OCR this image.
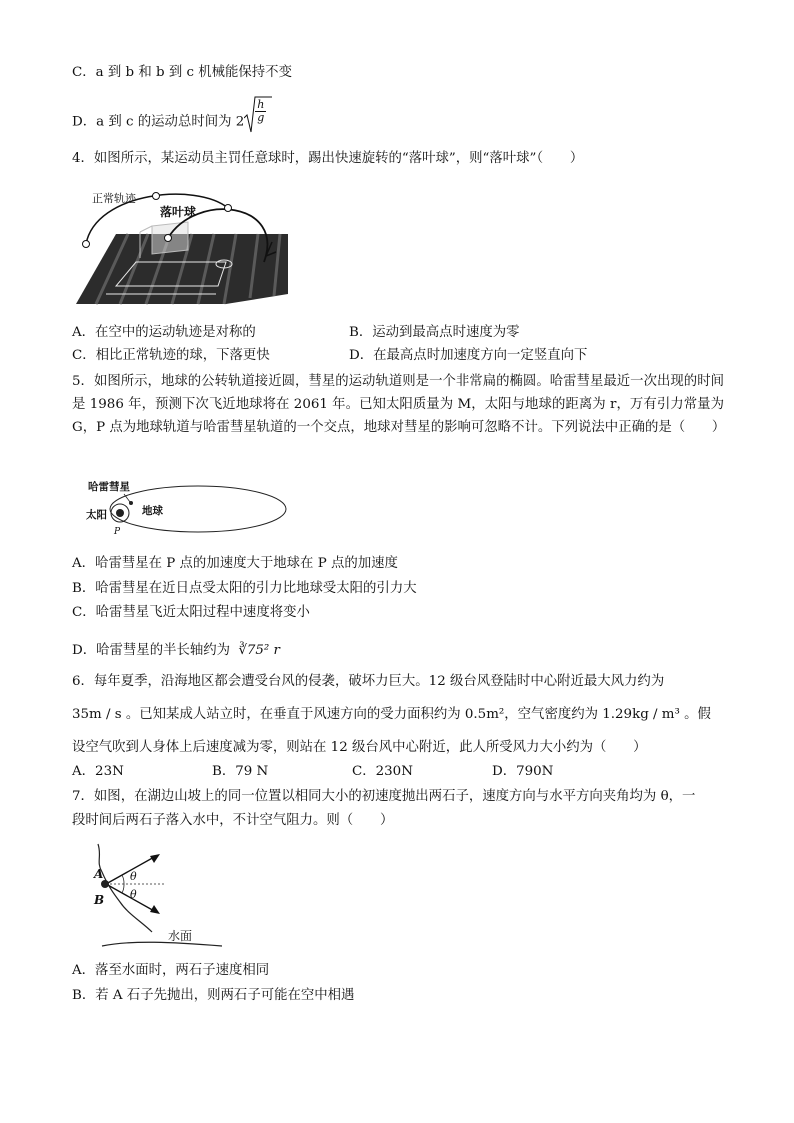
C．a 到 b 和 b 到 c 机械能保持不变
D．a 到 c 的运动总时间为 $2 \frac{h}{g}$
4．如图所示，某运动员主罚任意球时，踢出快速旋转的“落叶球”，则“落叶球”（　　）
正常轨迹
落叶球
A．在空中的运动轨迹是对称的	B．运动到最高点时速度为零
C．相比正常轨迹的球，下落更快	D．在最高点时加速度方向一定竖直向下
5．如图所示，地球的公转轨道接近圆，彗星的运动轨道则是一个非常扁的椭圆。哈雷彗星最近一次出现的时间是 1986 年，预测下次飞近地球将在 2061 年。已知太阳质量为 M，太阳与地球的距离为 r，万有引力常量为 G，P 点为地球轨道与哈雷彗星轨道的一个交点，地球对彗星的影响可忽略不计。下列说法中正确的是（　　）
哈雷彗星
太阳	地球
P
A．哈雷彗星在 P 点的加速度大于地球在 P 点的加速度
B．哈雷彗星在近日点受太阳的引力比地球受太阳的引力大
C．哈雷彗星飞近太阳过程中速度将变小
D．哈雷彗星的半长轴约为 ∛75² r
6．每年夏季，沿海地区都会遭受台风的侵袭，破坏力巨大。12 级台风登陆时中心附近最大风力约为
35m / s 。已知某成人站立时，在垂直于风速方向的受力面积约为 0.5m²，空气密度约为 1.29kg / m³ 。假
设空气吹到人身体上后速度减为零，则站在 12 级台风中心附近，此人所受风力大小约为（　　）
A．23N	B．79 N	C．230N	D．790N
7．如图，在湖边山坡上的同一位置以相同大小的初速度抛出两石子，速度方向与水平方向夹角均为 θ，一
段时间后两石子落入水中，不计空气阻力。则（　　）
A
B
θ
θ
水面
A．落至水面时，两石子速度相同
B．若 A 石子先抛出，则两石子可能在空中相遇
